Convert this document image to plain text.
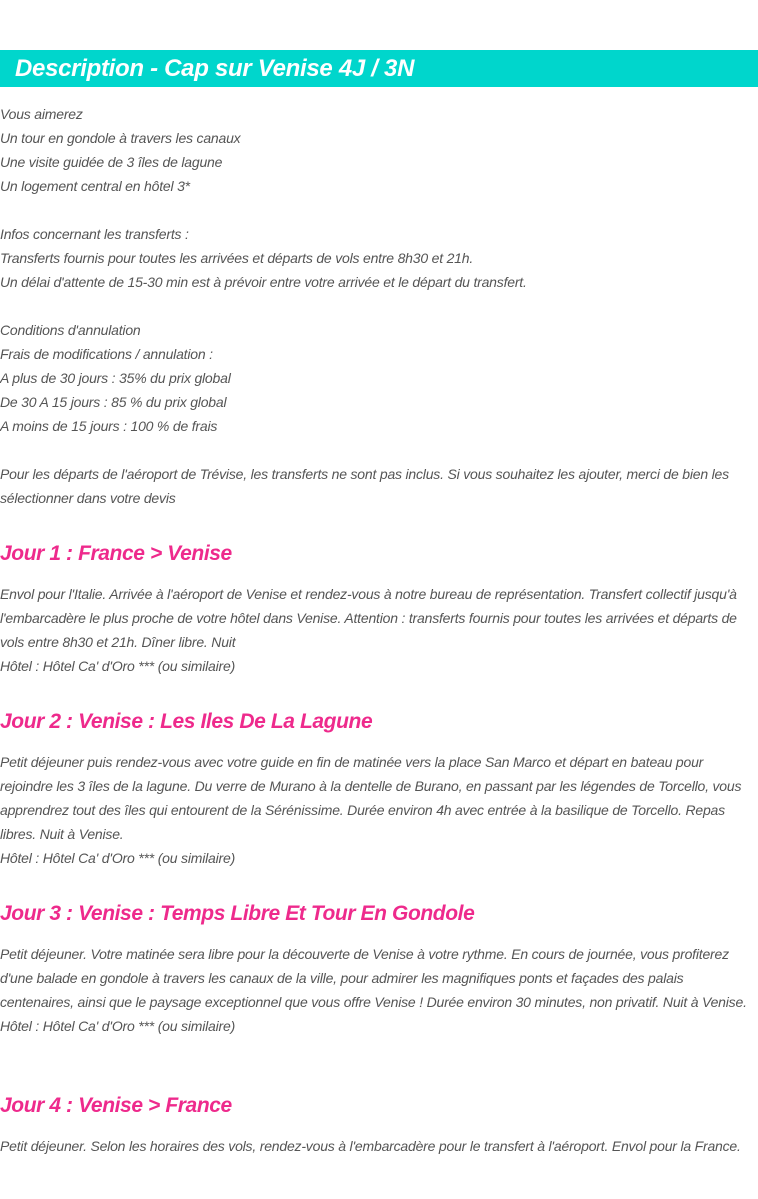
Description - Cap sur Venise 4J / 3N

Vous aimerez

Un tour en gondole à travers les canaux

Une visite guidée de 3 îles de lagune

Un logement central en hôtel 3*

Infos concernant les transferts :

Transferts fournis pour toutes les arrivées et départs de vols entre 8h30 et 21h.

Un délai d'attente de 15-30 min est à prévoir entre votre arrivée et le départ du transfert.

Conditions d'annulation

Frais de modifications / annulation :

A plus de 30 jours : 35% du prix global

De 30 A 15 jours : 85 % du prix global

A moins de 15 jours : 100 % de frais

Pour les départs de l'aéroport de Trévise, les transferts ne sont pas inclus. Si vous souhaitez les ajouter, merci de bien les sélectionner dans votre devis

Jour 1 : France > Venise

Envol pour l'Italie. Arrivée à l'aéroport de Venise et rendez-vous à notre bureau de représentation. Transfert collectif jusqu'à l'embarcadère le plus proche de votre hôtel dans Venise. Attention : transferts fournis pour toutes les arrivées et départs de vols entre 8h30 et 21h. Dîner libre. Nuit

Hôtel : Hôtel Ca' d'Oro *** (ou similaire)

Jour 2 : Venise : Les Iles De La Lagune

Petit déjeuner puis rendez-vous avec votre guide en fin de matinée vers la place San Marco et départ en bateau pour rejoindre les 3 îles de la lagune. Du verre de Murano à la dentelle de Burano, en passant par les légendes de Torcello, vous apprendrez tout des îles qui entourent de la Sérénissime. Durée environ 4h avec entrée à la basilique de Torcello. Repas libres. Nuit à Venise.

Hôtel : Hôtel Ca' d'Oro *** (ou similaire)

Jour 3 : Venise : Temps Libre Et Tour En Gondole

Petit déjeuner. Votre matinée sera libre pour la découverte de Venise à votre rythme. En cours de journée, vous profiterez d'une balade en gondole à travers les canaux de la ville, pour admirer les magnifiques ponts et façades des palais centenaires, ainsi que le paysage exceptionnel que vous offre Venise ! Durée environ 30 minutes, non privatif. Nuit à Venise.

Hôtel : Hôtel Ca' d'Oro *** (ou similaire)

Jour 4 : Venise > France

Petit déjeuner. Selon les horaires des vols, rendez-vous à l'embarcadère pour le transfert à l'aéroport. Envol pour la France.
